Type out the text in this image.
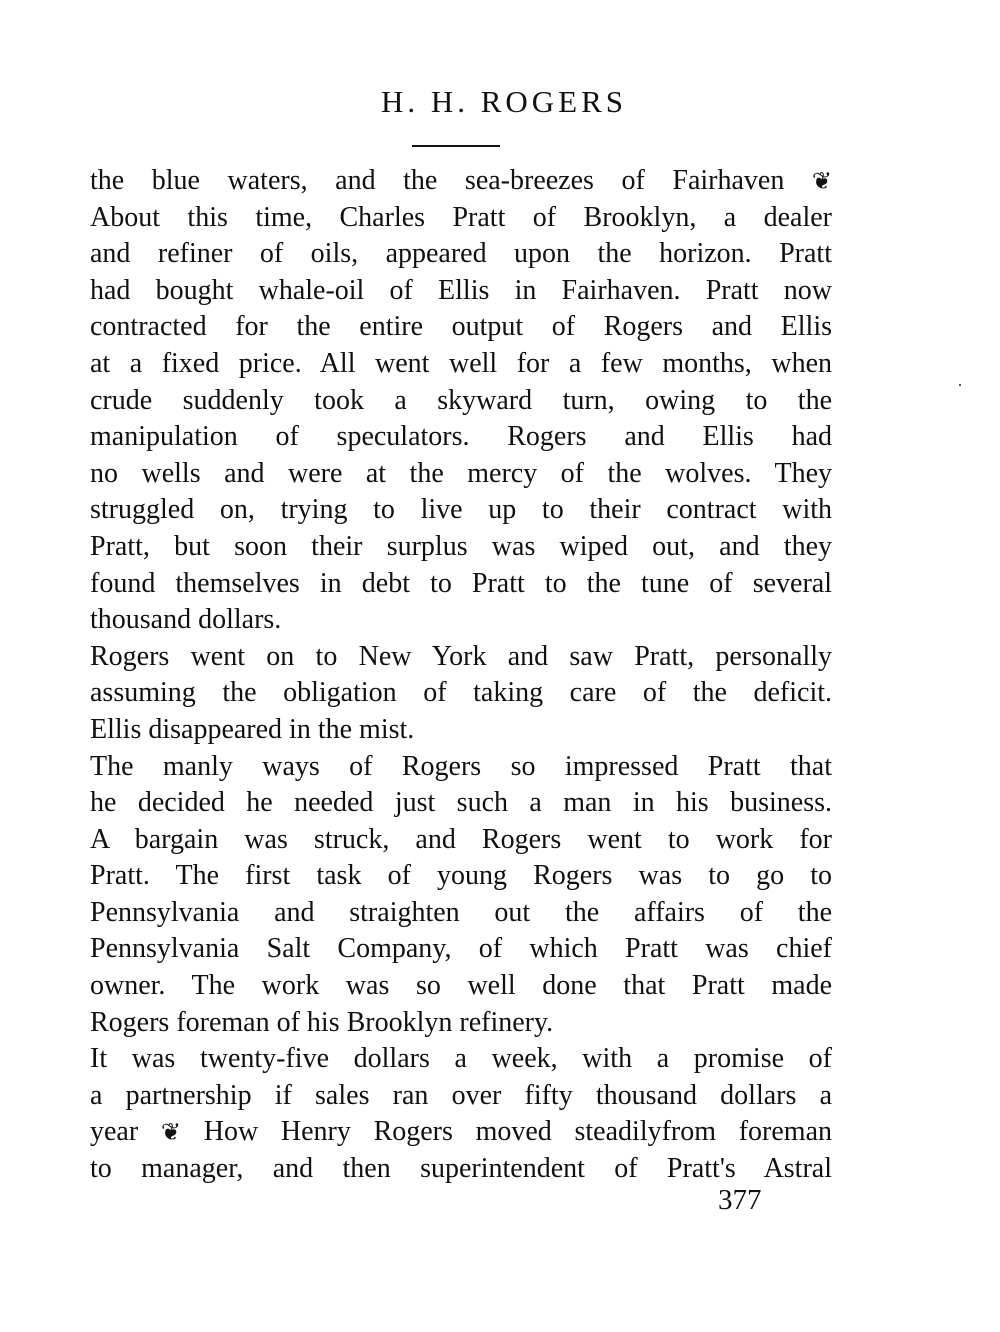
H. H. ROGERS
the blue waters, and the sea-breezes of Fairhaven ❦
About this time, Charles Pratt of Brooklyn, a dealer
and refiner of oils, appeared upon the horizon. Pratt
had bought whale-oil of Ellis in Fairhaven. Pratt now
contracted for the entire output of Rogers and Ellis
at a fixed price. All went well for a few months, when
crude suddenly took a skyward turn, owing to the
manipulation of speculators. Rogers and Ellis had
no wells and were at the mercy of the wolves. They
struggled on, trying to live up to their contract with
Pratt, but soon their surplus was wiped out, and they
found themselves in debt to Pratt to the tune of several
thousand dollars.
Rogers went on to New York and saw Pratt, personally
assuming the obligation of taking care of the deficit.
Ellis disappeared in the mist.
The manly ways of Rogers so impressed Pratt that
he decided he needed just such a man in his business.
A bargain was struck, and Rogers went to work for
Pratt. The first task of young Rogers was to go to
Pennsylvania and straighten out the affairs of the
Pennsylvania Salt Company, of which Pratt was chief
owner. The work was so well done that Pratt made
Rogers foreman of his Brooklyn refinery.
It was twenty-five dollars a week, with a promise of
a partnership if sales ran over fifty thousand dollars a
year ❦ How Henry Rogers moved steadilyfrom foreman
to manager, and then superintendent of Pratt's Astral
377
